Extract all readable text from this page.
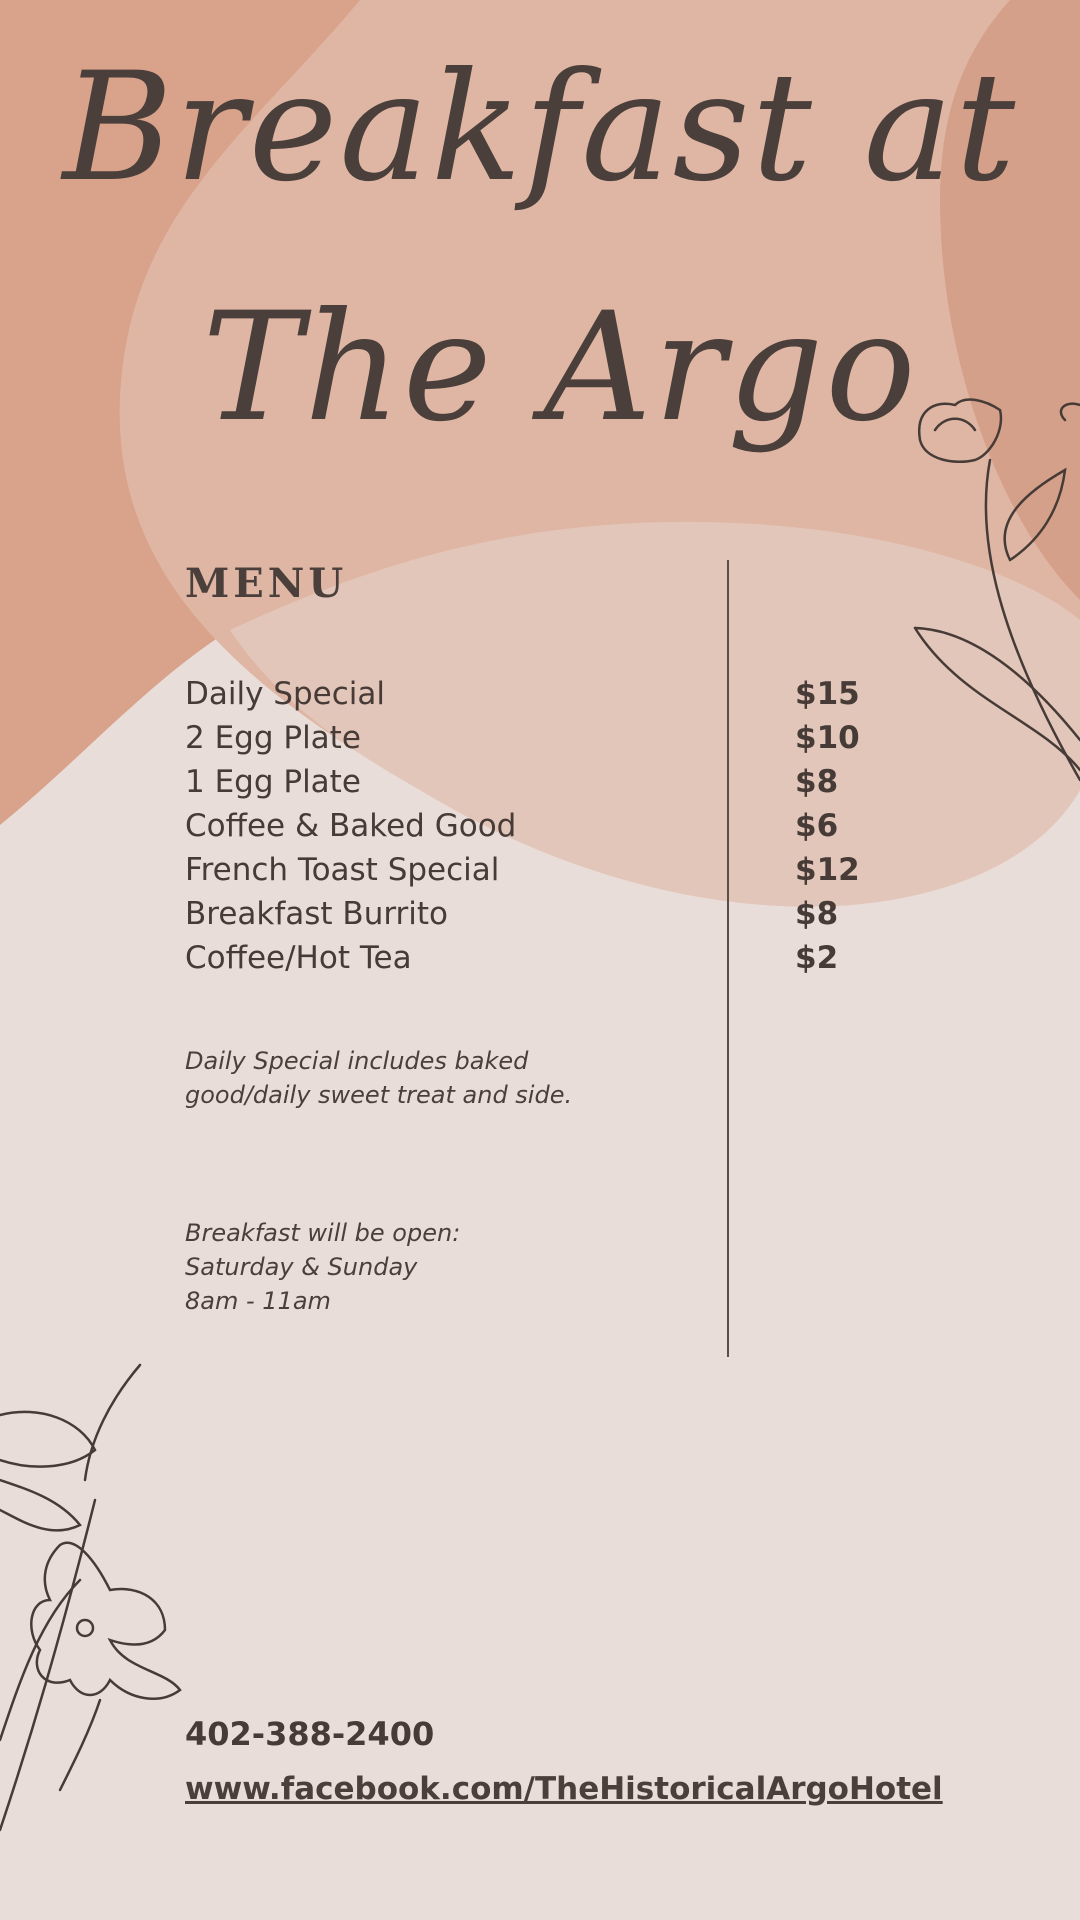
Breakfast at
The Argo
MENU
Daily Special	$15
2 Egg Plate	$10
1 Egg Plate	$8
Coffee & Baked Good	$6
French Toast Special	$12
Breakfast Burrito	$8
Coffee/Hot Tea	$2
Daily Special includes baked
good/daily sweet treat and side.
Breakfast will be open:
Saturday & Sunday
8am - 11am
402-388-2400
www.facebook.com/TheHistoricalArgoHotel
